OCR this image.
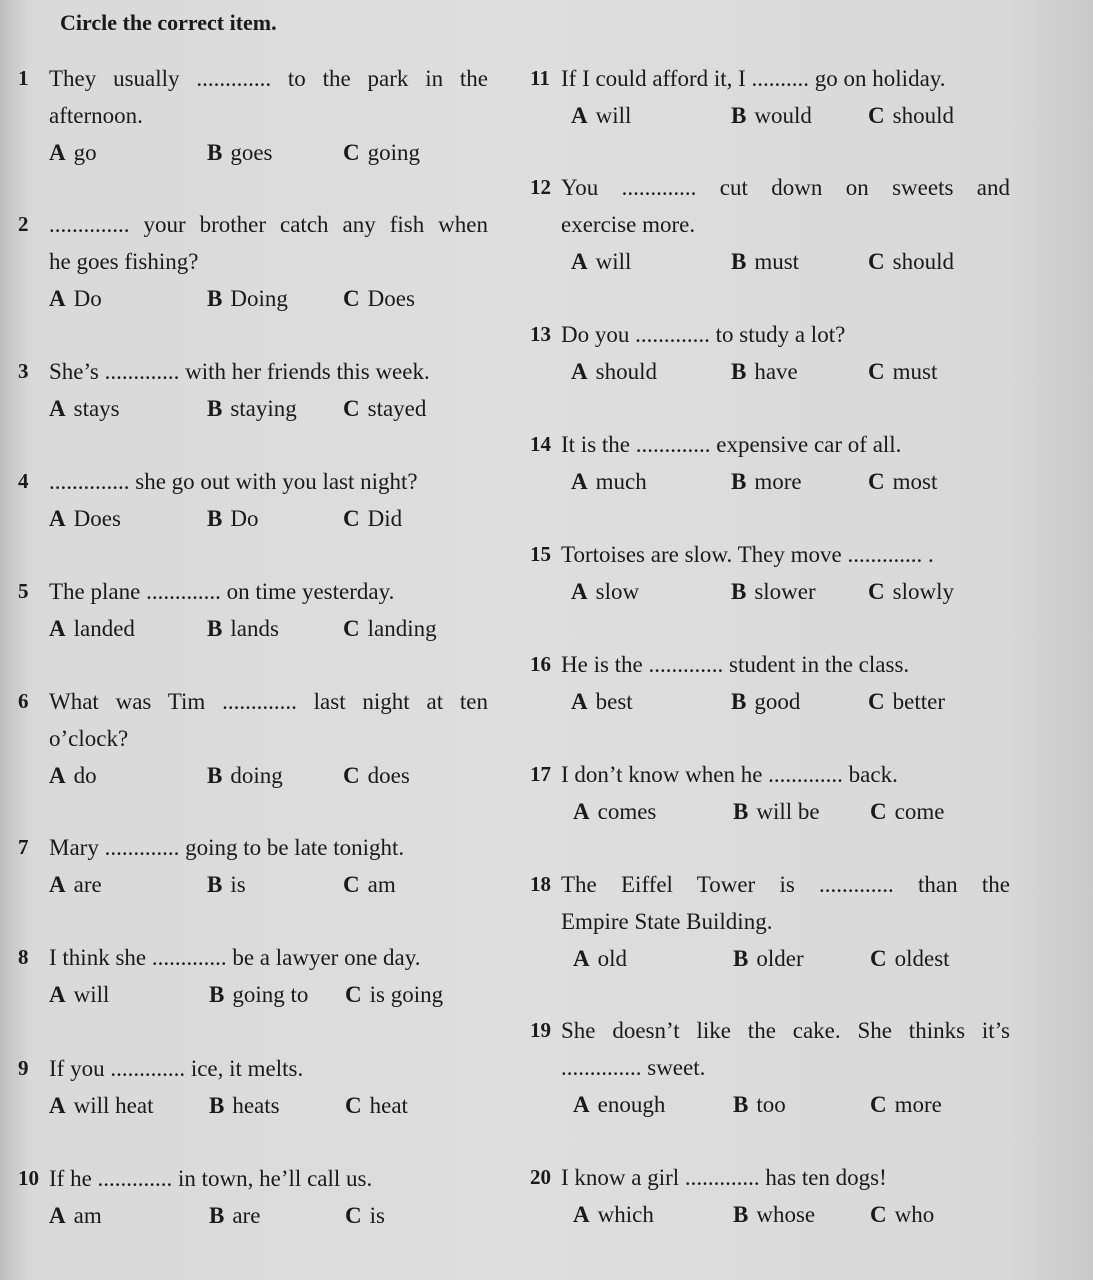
Circle the correct item.
1 They usually ............. to the park in the
afternoon.
A go	B goes	C going
2 .............. your brother catch any fish when
he goes fishing?
A Do	B Doing C Does
3 She’s ............. with her friends this week.
A stays	B staying C stayed
4 .............. she go out with you last night?
A Does	B Do	C Did
5 The plane ............. on time yesterday.
A landed	B lands	C landing
6 What was Tim ............. last night at ten
o’clock?
A do	B doing	C does
7 Mary ............. going to be late tonight.
A are	B is	C am
8 I think she ............. be a lawyer one day.
A will	B going to C is going
9 If you ............. ice, it melts.
A will heat B heats	C heat
10 If he ............. in town, he’ll call us.
A am	B are	C is
11 If I could afford it, I .......... go on holiday.
A will	B would C should
12 You ............. cut down on sweets and
exercise more.
A will	B must	C should
13 Do you ............. to study a lot?
A should	B have	C must
14 It is the ............. expensive car of all.
A much	B more	C most
15 Tortoises are slow. They move ............. .
A slow	B slower C slowly
16 He is the ............. student in the class.
A best	B good	C better
17 I don’t know when he ............. back.
A comes	B will be C come
18 The Eiffel Tower is ............. than the
Empire State Building.
A old	B older	C oldest
19 She doesn’t like the cake. She thinks it’s
.............. sweet.
A enough	B too	C more
20 I know a girl ............. has ten dogs!
A which	B whose C who
